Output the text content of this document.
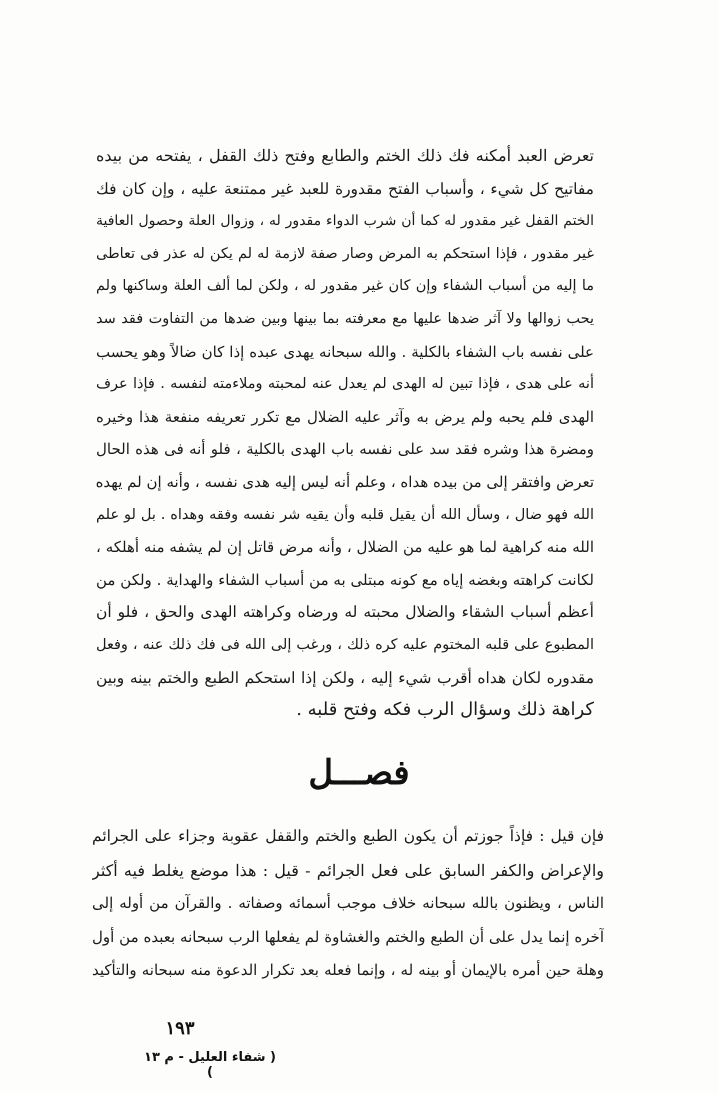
تعرض العبد أمكنه فك ذلك الختم والطابع وفتح ذلك القفل ، يفتحه من بيده
مفاتيح كل شيء ، وأسباب الفتح مقدورة للعبد غير ممتنعة عليه ، وإن كان فك
الختم القفل غير مقدور له كما أن شرب الدواء مقدور له ، وزوال العلة وحصول العافية
غير مقدور ، فإذا استحكم به المرض وصار صفة لازمة له لم يكن له عذر فى تعاطى
ما إليه من أسباب الشفاء وإن كان غير مقدور له ، ولكن لما ألف العلة وساكنها ولم
يحب زوالها ولا آثر ضدها عليها مع معرفته بما بينها وبين ضدها من التفاوت فقد سد
على نفسه باب الشفاء بالكلية . والله سبحانه يهدى عبده إذا كان ضالاً وهو يحسب
أنه على هدى ، فإذا تبين له الهدى لم يعدل عنه لمحبته وملاءمته لنفسه . فإذا عرف
الهدى فلم يحبه ولم يرض به وآثر عليه الضلال مع تكرر تعريفه منفعة هذا وخيره
ومضرة هذا وشره فقد سد على نفسه باب الهدى بالكلية ، فلو أنه فى هذه الحال
تعرض وافتقر إلى من بيده هداه ، وعلم أنه ليس إليه هدى نفسه ، وأنه إن لم يهده
الله فهو ضال ، وسأل الله أن يقيل قلبه وأن يقيه شر نفسه وفقه وهداه . بل لو علم
الله منه كراهية لما هو عليه من الضلال ، وأنه مرض قاتل إن لم يشفه منه أهلكه ،
لكانت كراهته وبغضه إياه مع كونه مبتلى به من أسباب الشفاء والهداية . ولكن من
أعظم أسباب الشقاء والضلال محبته له ورضاه وكراهته الهدى والحق ، فلو أن
المطبوع على قلبه المختوم عليه كره ذلك ، ورغب إلى الله فى فك ذلك عنه ، وفعل
مقدوره لكان هداه أقرب شيء إليه ، ولكن إذا استحكم الطبع والختم بينه وبين
كراهة ذلك وسؤال الرب فكه وفتح قلبه .
فصـــل
فإن قيل : فإذاً جوزتم أن يكون الطبع والختم والقفل عقوبة وجزاء على الجرائم
والإعراض والكفر السابق على فعل الجرائم - قيل : هذا موضع يغلط فيه أكثر
الناس ، ويظنون بالله سبحانه خلاف موجب أسمائه وصفاته . والقرآن من أوله إلى
آخره إنما يدل على أن الطبع والختم والغشاوة لم يفعلها الرب سبحانه بعبده من أول
وهلة حين أمره بالإيمان أو بينه له ، وإنما فعله بعد تكرار الدعوة منه سبحانه والتأكيد
١٩٣
( شفاء العليل - م ١٣ )
